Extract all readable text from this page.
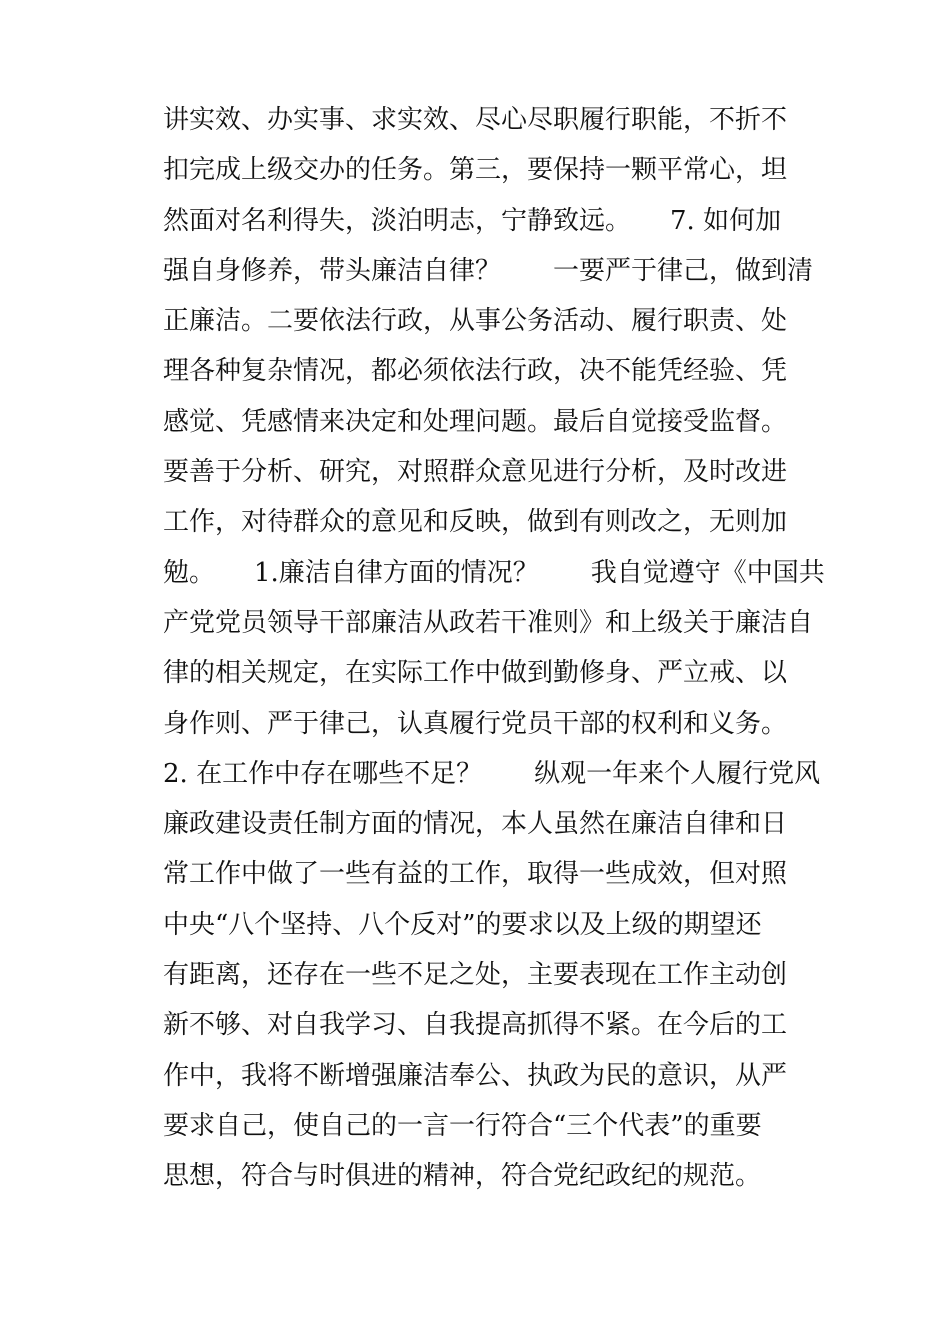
讲实效、办实事、求实效、尽心尽职履行职能，不折不
扣完成上级交办的任务。第三，要保持一颗平常心，坦
然面对名利得失，淡泊明志，宁静致远。　　7. 如何加
强自身修养，带头廉洁自律？　　一要严于律己，做到清
正廉洁。二要依法行政，从事公务活动、履行职责、处
理各种复杂情况，都必须依法行政，决不能凭经验、凭
感觉、凭感情来决定和处理问题。最后自觉接受监督。
要善于分析、研究，对照群众意见进行分析，及时改进
工作，对待群众的意见和反映，做到有则改之，无则加
勉。　　1.廉洁自律方面的情况？　　我自觉遵守《中国共
产党党员领导干部廉洁从政若干准则》和上级关于廉洁自
律的相关规定，在实际工作中做到勤修身、严立戒、以
身作则、严于律己，认真履行党员干部的权利和义务。
2. 在工作中存在哪些不足？　　纵观一年来个人履行党风
廉政建设责任制方面的情况，本人虽然在廉洁自律和日
常工作中做了一些有益的工作，取得一些成效，但对照
中央“八个坚持、八个反对”的要求以及上级的期望还
有距离，还存在一些不足之处，主要表现在工作主动创
新不够、对自我学习、自我提高抓得不紧。在今后的工
作中，我将不断增强廉洁奉公、执政为民的意识，从严
要求自己，使自己的一言一行符合“三个代表”的重要
思想，符合与时俱进的精神，符合党纪政纪的规范。
